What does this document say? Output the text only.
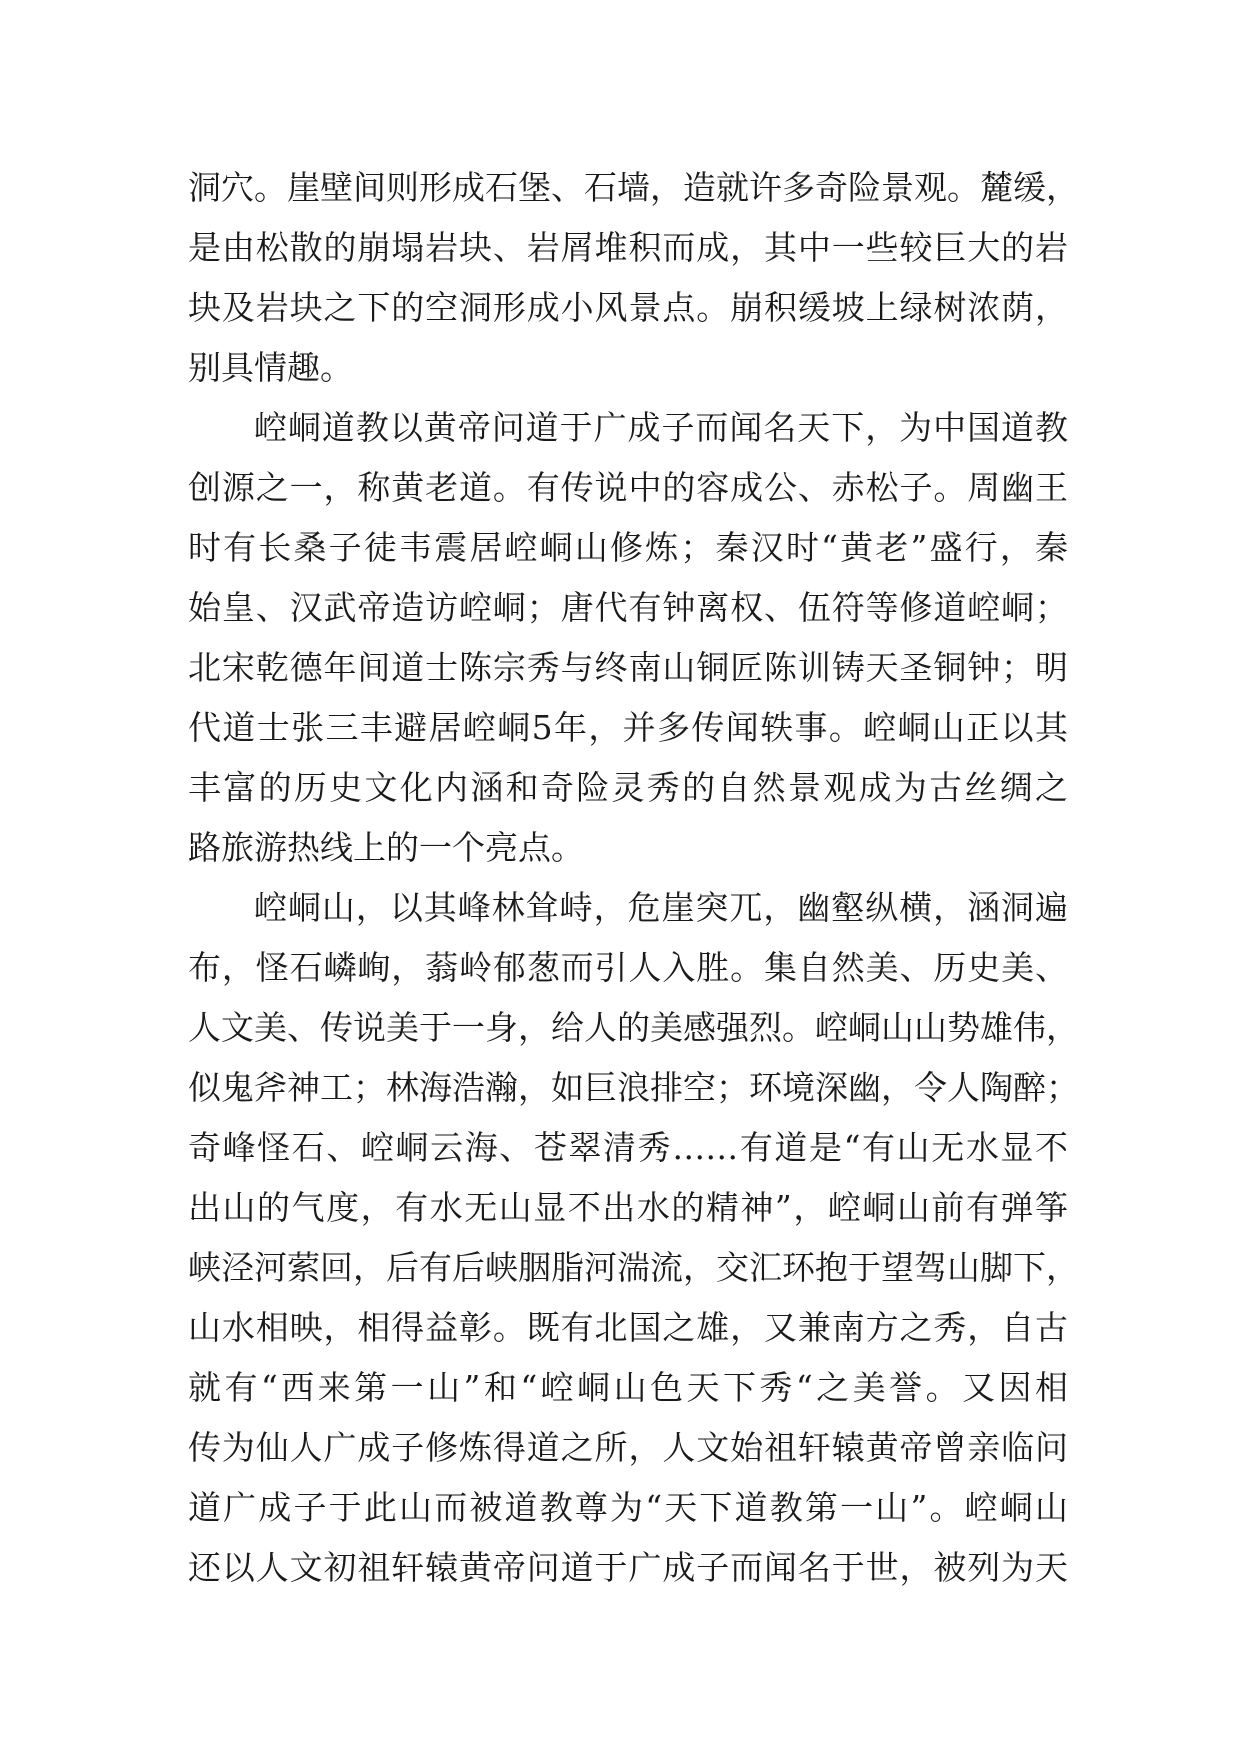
洞穴。崖壁间则形成石堡、石墙，造就许多奇险景观。麓缓，
是由松散的崩塌岩块、岩屑堆积而成，其中一些较巨大的岩
块及岩块之下的空洞形成小风景点。崩积缓坡上绿树浓荫，
别具情趣。
崆峒道教以黄帝问道于广成子而闻名天下，为中国道教
创源之一，称黄老道。有传说中的容成公、赤松子。周幽王
时有长桑子徒韦震居崆峒山修炼；秦汉时“黄老”盛行，秦
始皇、汉武帝造访崆峒；唐代有钟离权、伍符等修道崆峒；
北宋乾德年间道士陈宗秀与终南山铜匠陈训铸天圣铜钟；明
代道士张三丰避居崆峒5年，并多传闻轶事。崆峒山正以其
丰富的历史文化内涵和奇险灵秀的自然景观成为古丝绸之
路旅游热线上的一个亮点。
崆峒山，以其峰林耸峙，危崖突兀，幽壑纵横，涵洞遍
布，怪石嶙峋，蓊岭郁葱而引人入胜。集自然美、历史美、
人文美、传说美于一身，给人的美感强烈。崆峒山山势雄伟，
似鬼斧神工；林海浩瀚，如巨浪排空；环境深幽，令人陶醉；
奇峰怪石、崆峒云海、苍翠清秀……有道是“有山无水显不
出山的气度，有水无山显不出水的精神”，崆峒山前有弹筝
峡泾河萦回，后有后峡胭脂河湍流，交汇环抱于望驾山脚下，
山水相映，相得益彰。既有北国之雄，又兼南方之秀，自古
就有“西来第一山”和“崆峒山色天下秀“之美誉。又因相
传为仙人广成子修炼得道之所，人文始祖轩辕黄帝曾亲临问
道广成子于此山而被道教尊为“天下道教第一山”。崆峒山
还以人文初祖轩辕黄帝问道于广成子而闻名于世，被列为天
